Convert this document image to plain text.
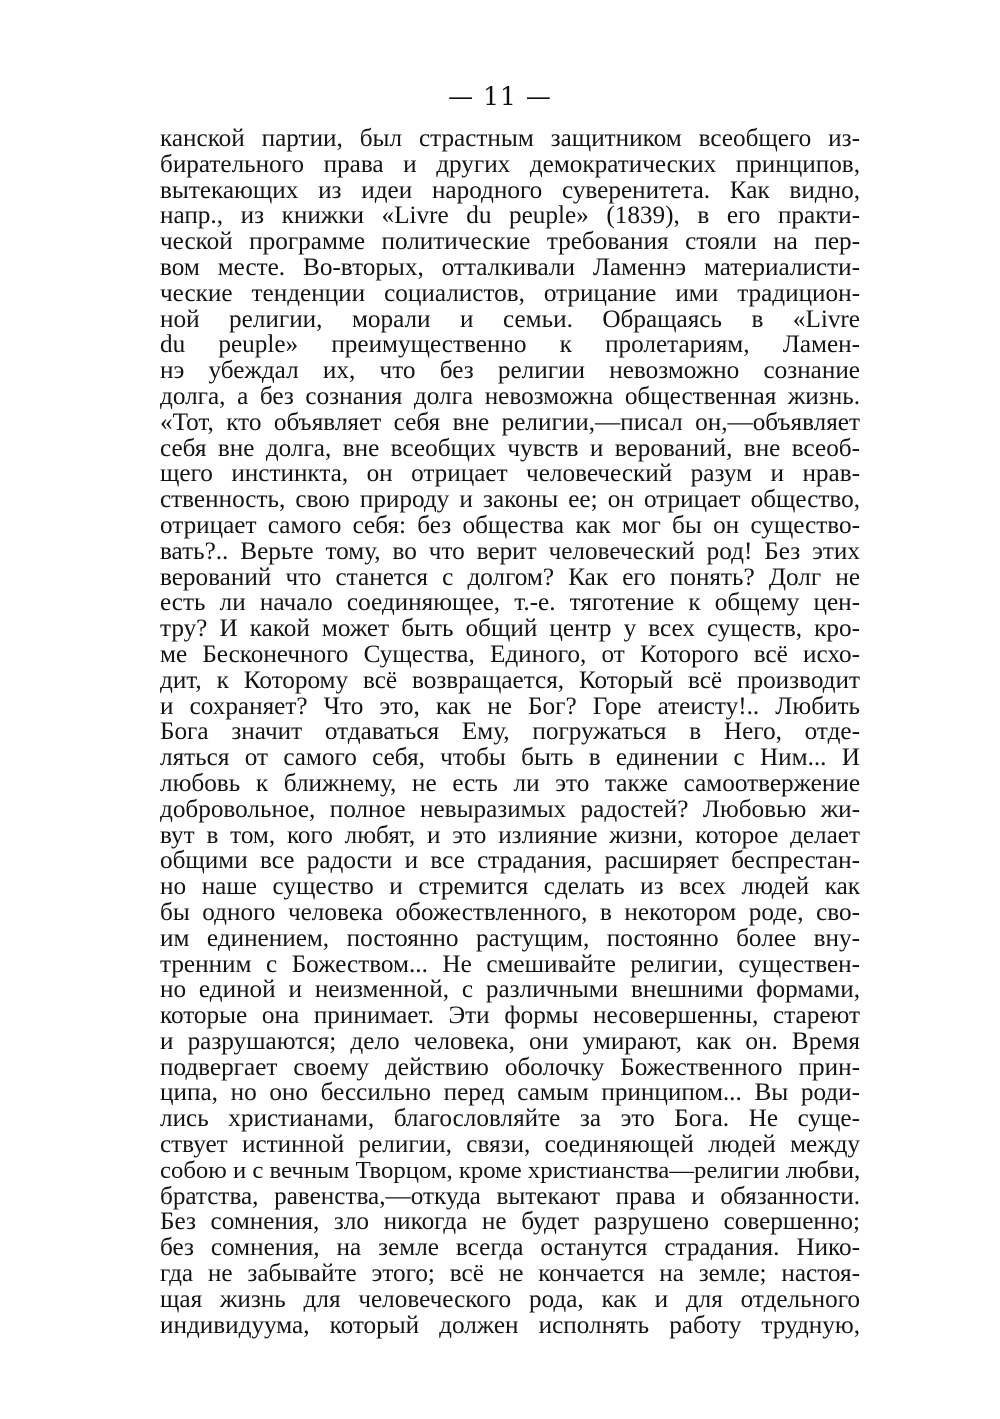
— 11 —
канской партии, был страстным защитником всеобщего из-
бирательного права и других демократических принципов,
вытекающих из идеи народного суверенитета. Как видно,
напр., из книжки «Livre du peuple» (1839), в его практи-
ческой программе политические требования стояли на пер-
вом месте. Во-вторых, отталкивали Ламеннэ материалисти-
ческие тенденции социалистов, отрицание ими традицион-
ной религии, морали и семьи. Обращаясь в «Livre
du peuple» преимущественно к пролетариям, Ламен-
нэ убеждал их, что без религии невозможно сознание
долга, а без сознания долга невозможна общественная жизнь.
«Тот, кто объявляет себя вне религии,—писал он,—объявляет
себя вне долга, вне всеобщих чувств и верований, вне всеоб-
щего инстинкта, он отрицает человеческий разум и нрав-
ственность, свою природу и законы ее; он отрицает общество,
отрицает самого себя: без общества как мог бы он существо-
вать?.. Верьте тому, во что верит человеческий род! Без этих
верований что станется с долгом? Как его понять? Долг не
есть ли начало соединяющее, т.-е. тяготение к общему цен-
тру? И какой может быть общий центр у всех существ, кро-
ме Бесконечного Существа, Единого, от Которого всё исхо-
дит, к Которому всё возвращается, Который всё производит
и сохраняет? Что это, как не Бог? Горе атеисту!.. Любить
Бога значит отдаваться Ему, погружаться в Него, отде-
ляться от самого себя, чтобы быть в единении с Ним... И
любовь к ближнему, не есть ли это также самоотвержение
добровольное, полное невыразимых радостей? Любовью жи-
вут в том, кого любят, и это излияние жизни, которое делает
общими все радости и все страдания, расширяет беспрестан-
но наше существо и стремится сделать из всех людей как
бы одного человека обожествленного, в некотором роде, сво-
им единением, постоянно растущим, постоянно более вну-
тренним с Божеством... Не смешивайте религии, существен-
но единой и неизменной, с различными внешними формами,
которые она принимает. Эти формы несовершенны, стареют
и разрушаются; дело человека, они умирают, как он. Время
подвергает своему действию оболочку Божественного прин-
ципа, но оно бессильно перед самым принципом... Вы роди-
лись христианами, благословляйте за это Бога. Не суще-
ствует истинной религии, связи, соединяющей людей между
собою и с вечным Творцом, кроме христианства—религии любви,
братства, равенства,—откуда вытекают права и обязанности.
Без сомнения, зло никогда не будет разрушено совершенно;
без сомнения, на земле всегда останутся страдания. Нико-
гда не забывайте этого; всё не кончается на земле; настоя-
щая жизнь для человеческого рода, как и для отдельного
индивидуума, который должен исполнять работу трудную,
